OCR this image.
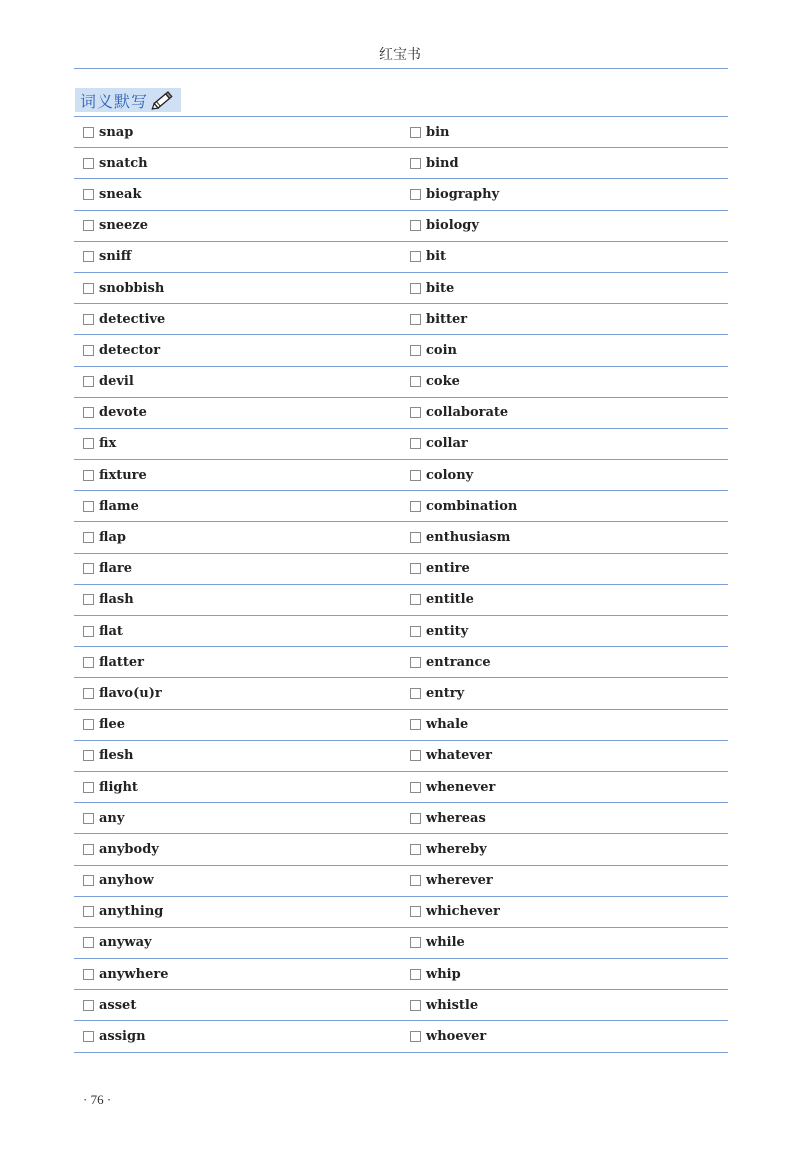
红宝书
词义默写
snap	bin
snatch	bind
sneak	biography
sneeze	biology
sniff	bit
snobbish	bite
detective	bitter
detector	coin
devil	coke
devote	collaborate
fix	collar
fixture	colony
flame	combination
flap	enthusiasm
flare	entire
flash	entitle
flat	entity
flatter	entrance
flavo(u)r	entry
flee	whale
flesh	whatever
flight	whenever
any	whereas
anybody	whereby
anyhow	wherever
anything	whichever
anyway	while
anywhere	whip
asset	whistle
assign	whoever
· 76 ·
